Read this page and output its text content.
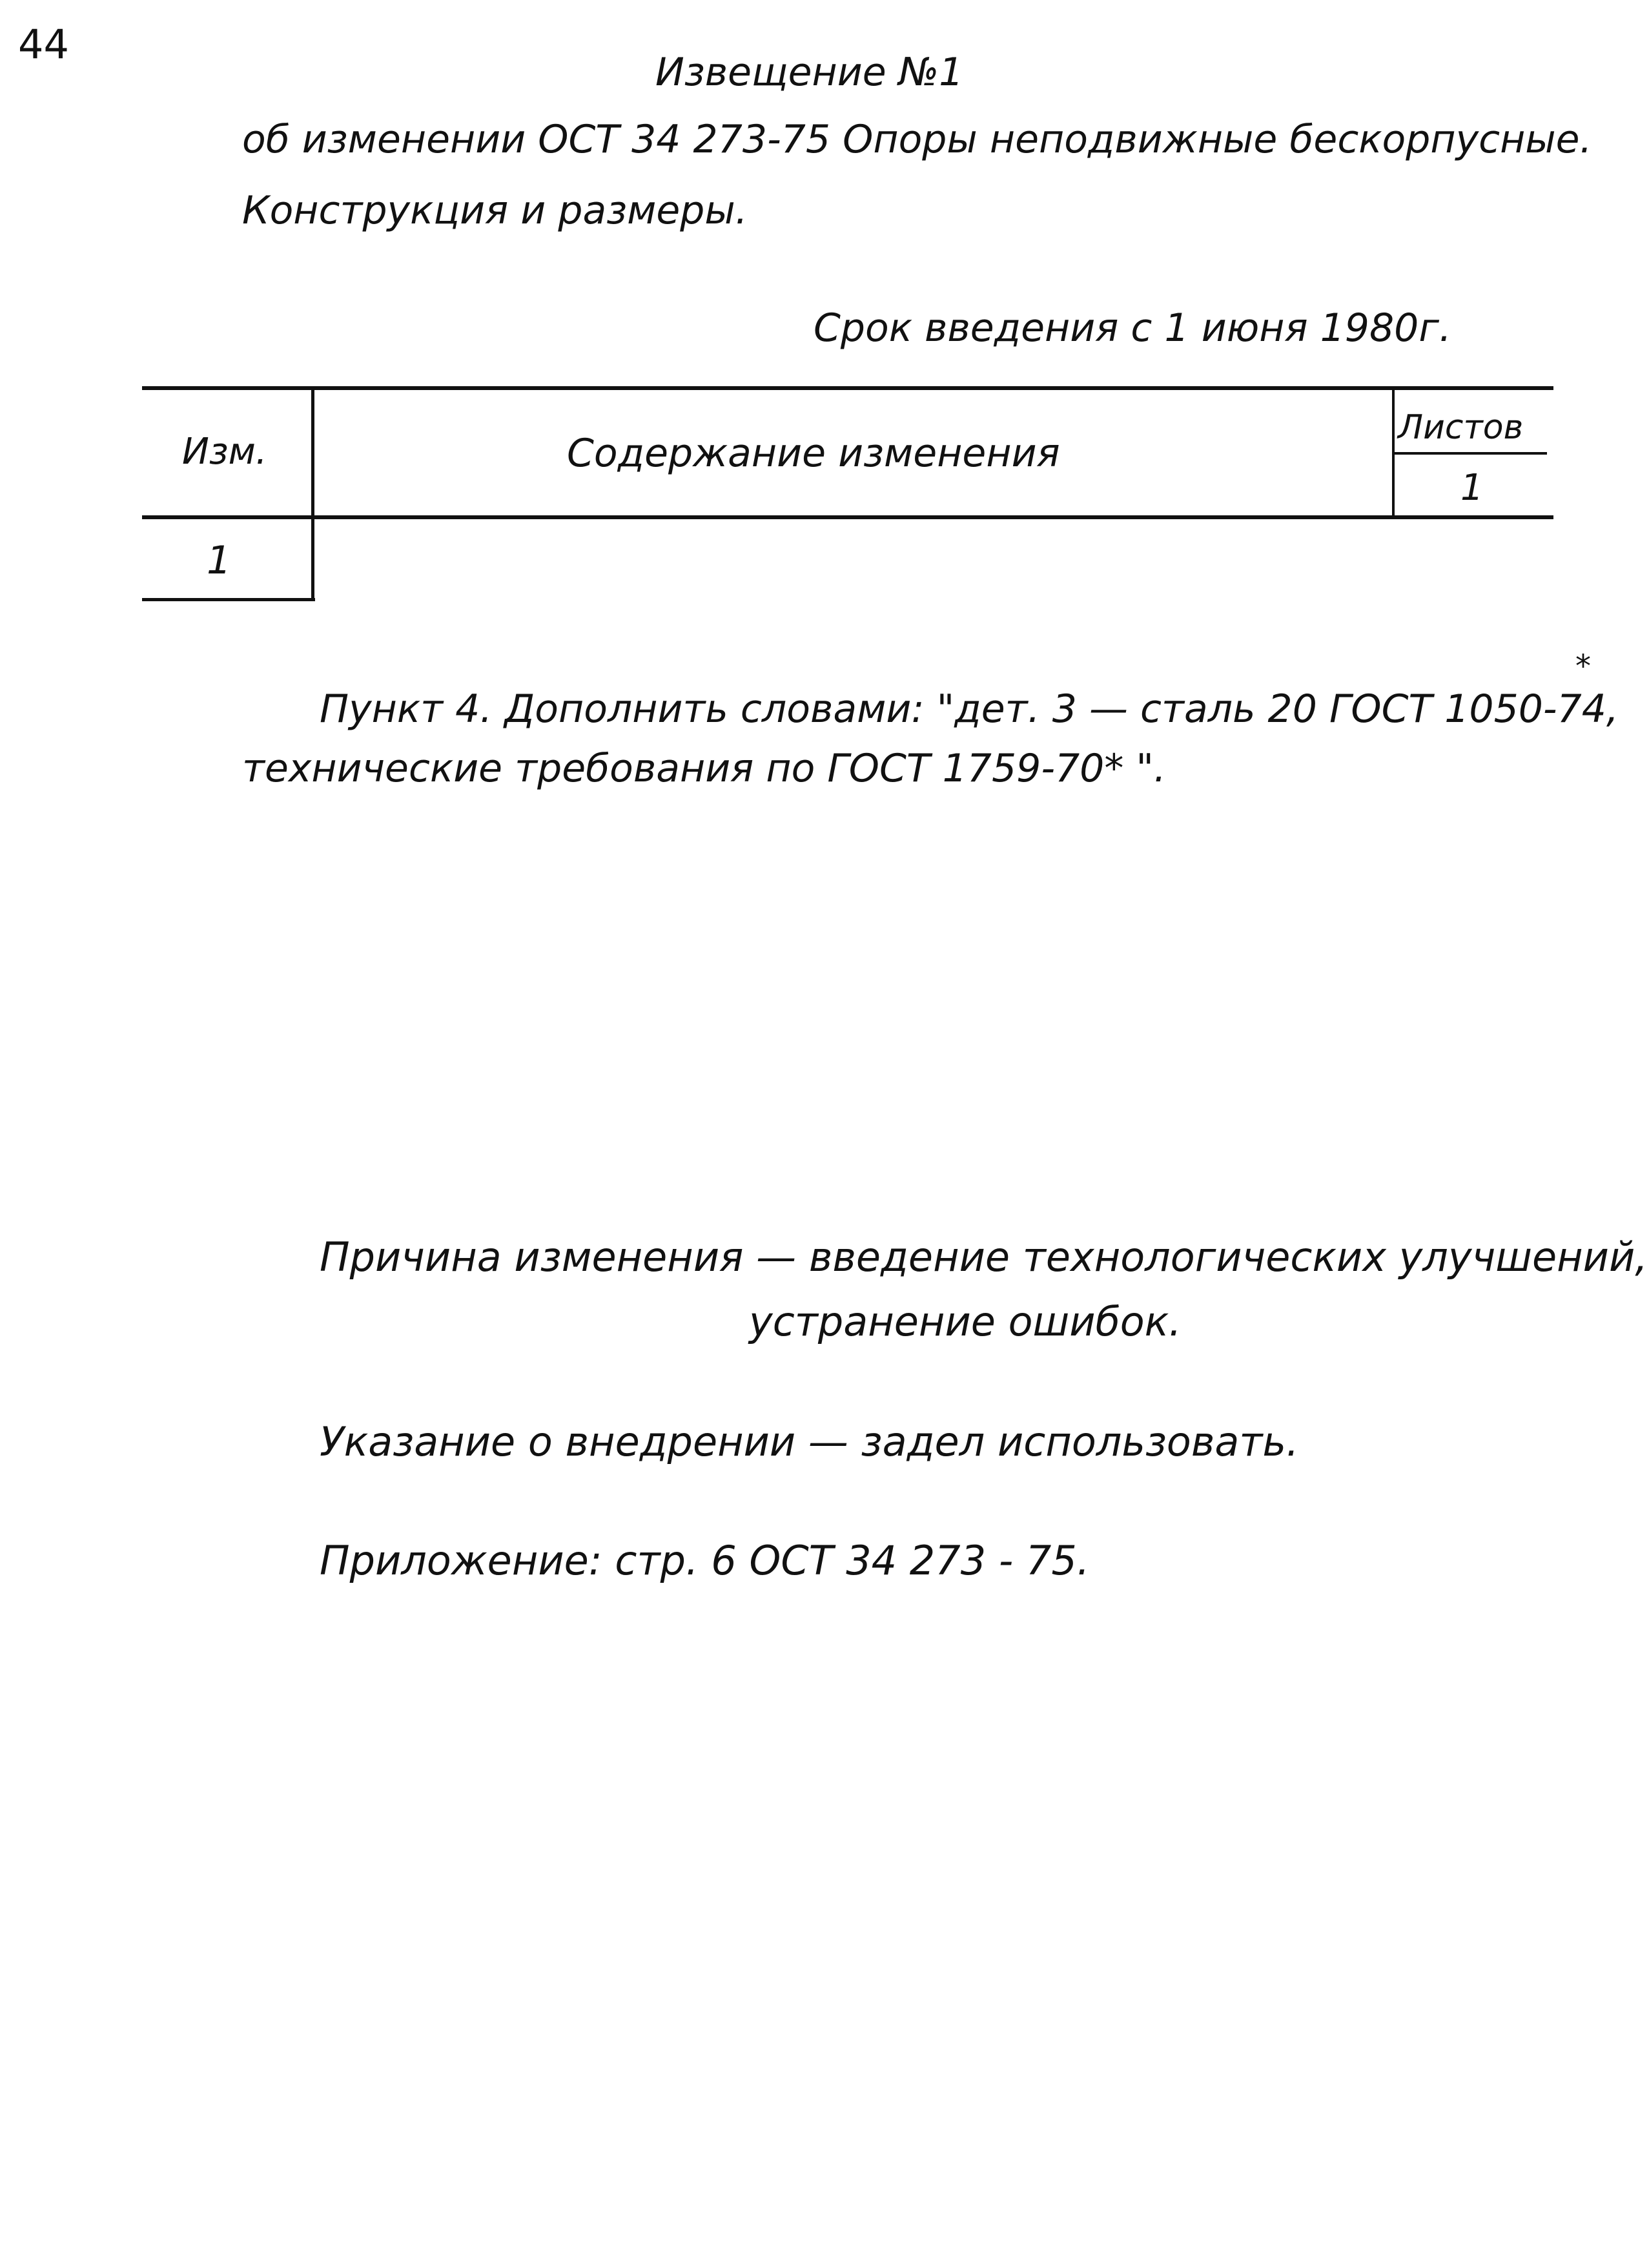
44
Извещение №1
об изменении ОСТ 34 273-75 Опоры неподвижные бескорпусные.
Конструкция и размеры.
Срок введения с 1 июня 1980г.
Изм.	Содержание изменения
Листов
1
1
Пункт 4. Дополнить словами: "дет. 3 — сталь 20 ГОСТ 1050-74,
*
технические требования по ГОСТ 1759-70* ".
Причина изменения — введение технологических улучшений,
устранение ошибок.
Указание о внедрении — задел использовать.
Приложение: стр. 6 ОСТ 34 273 - 75.
